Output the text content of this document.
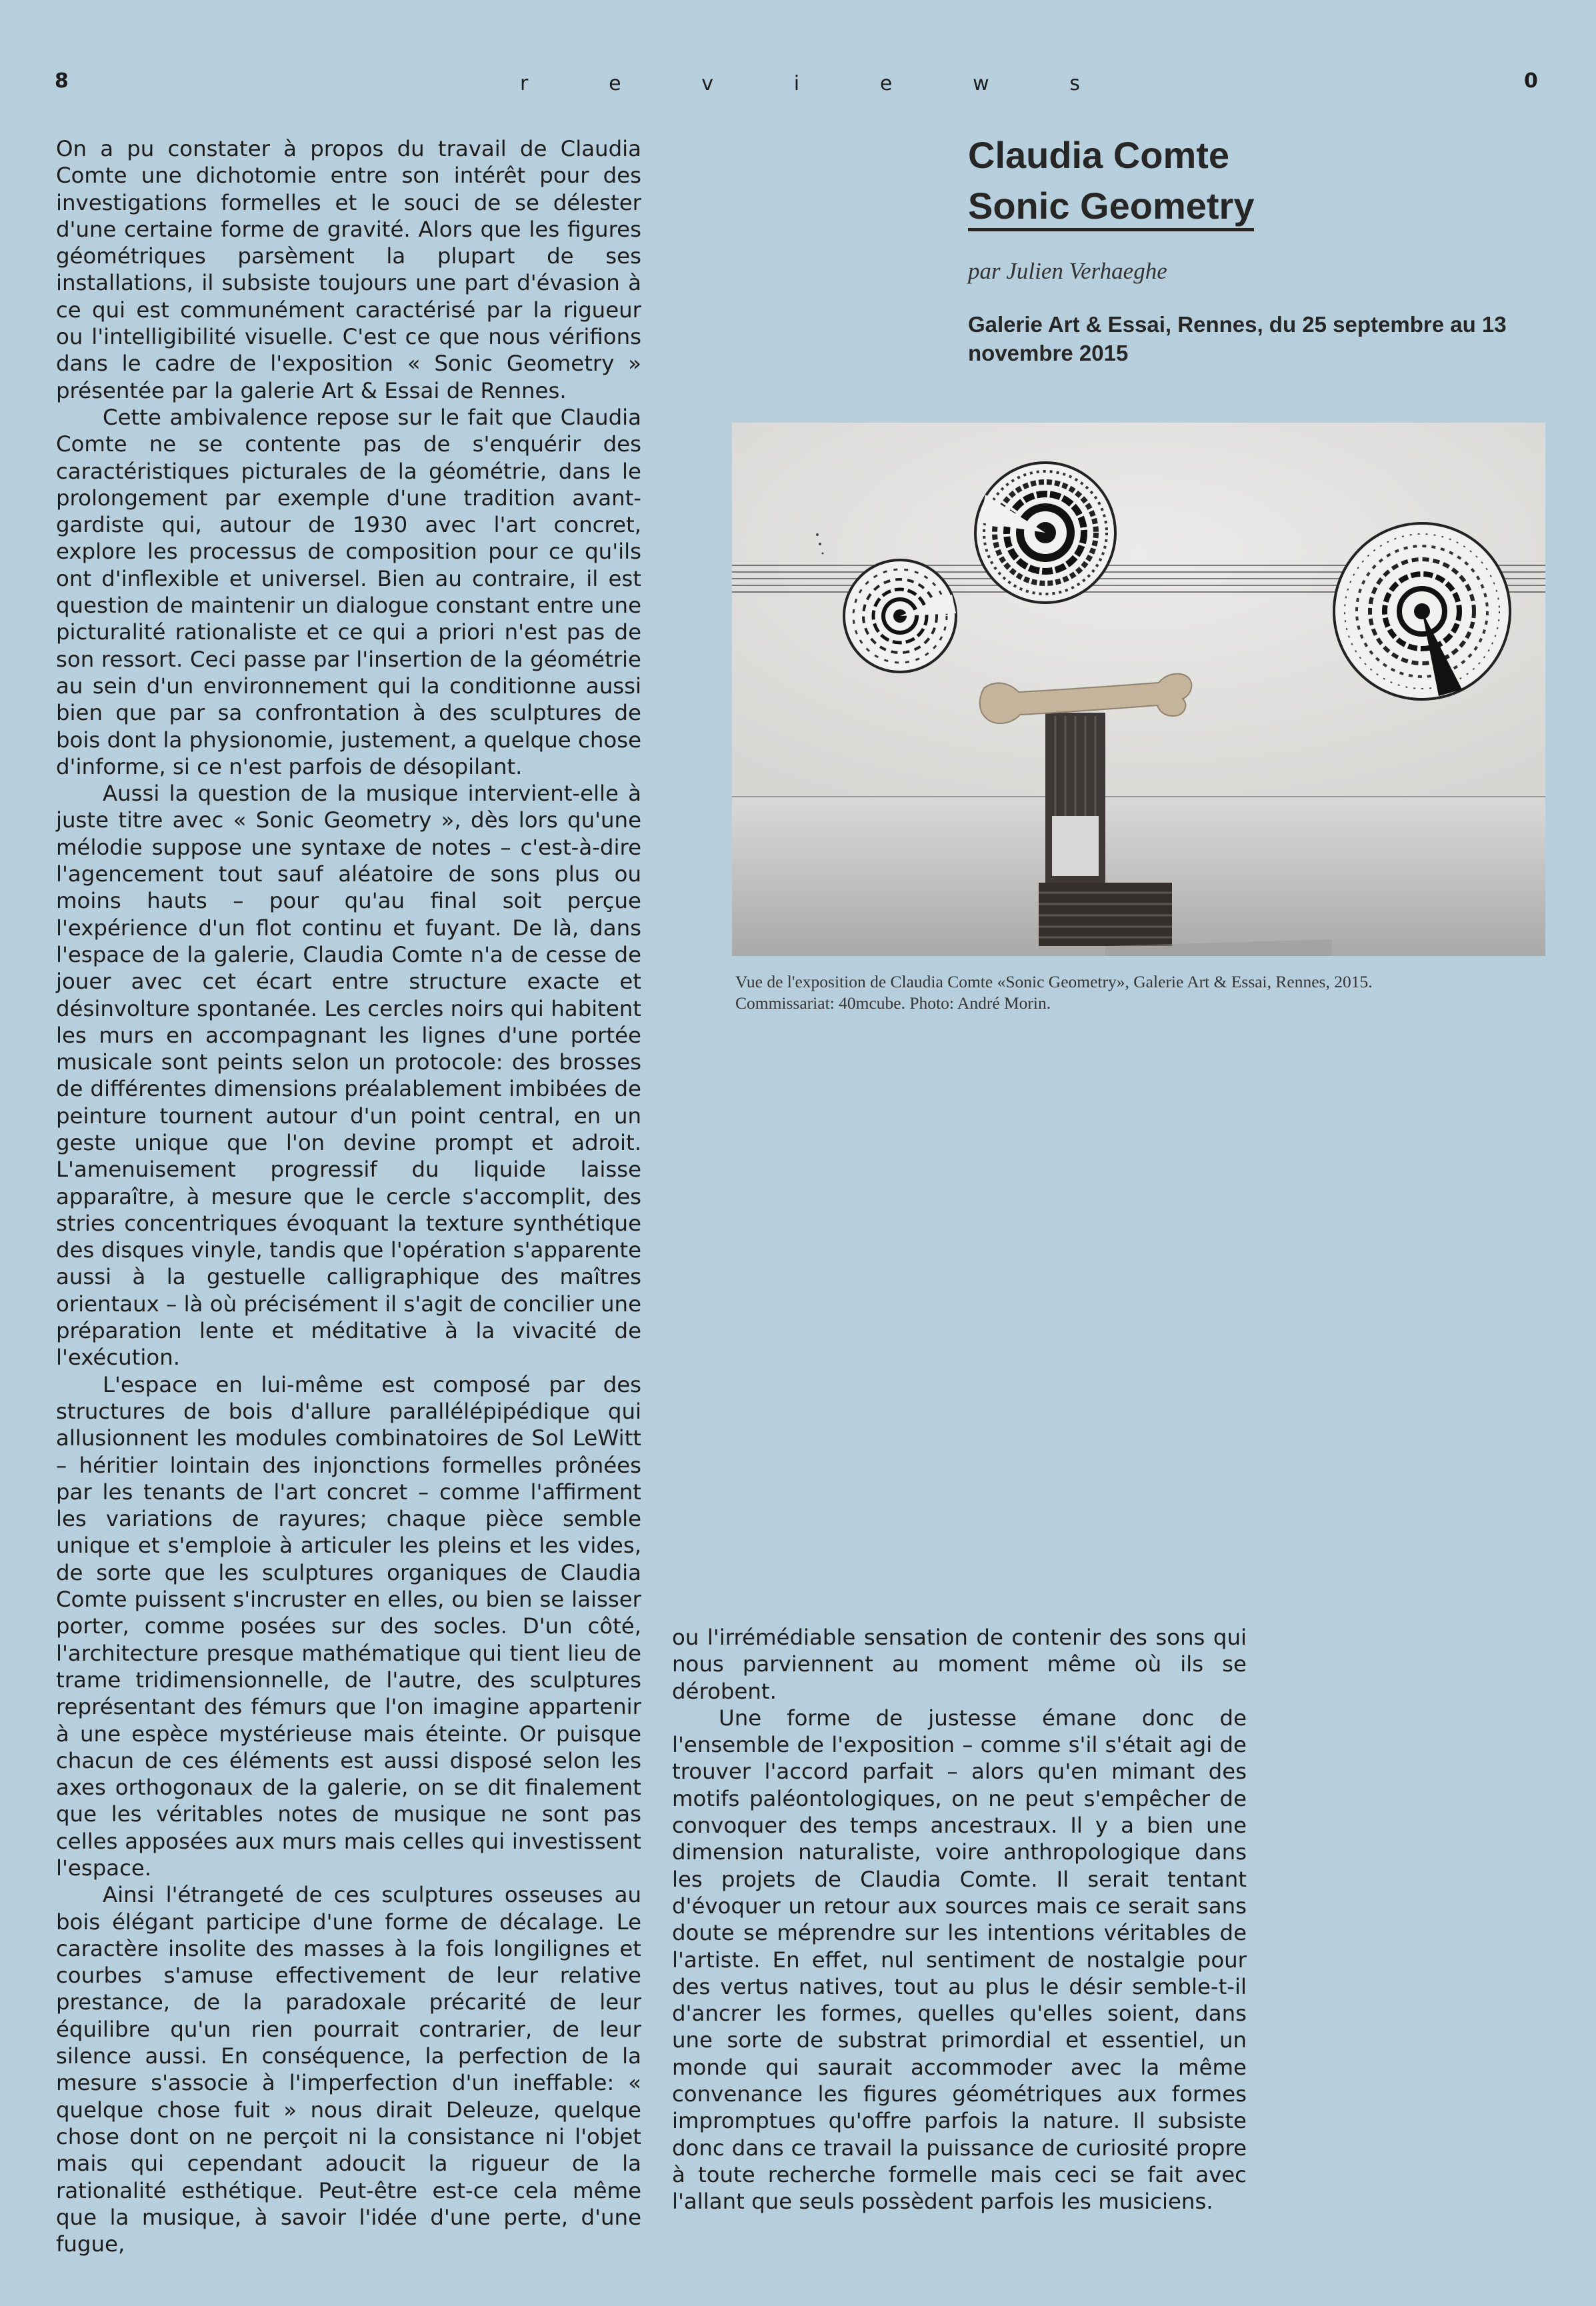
8	r	e	v	i	e	w	s	0

On a pu constater à propos du travail de Claudia Comte une dichotomie entre son intérêt pour des investigations formelles et le souci de se délester d'une certaine forme de gravité. Alors que les figures géométriques parsèment la plupart de ses installations, il subsiste toujours une part d'évasion à ce qui est communément caractérisé par la rigueur ou l'intelligibilité visuelle. C'est ce que nous vérifions dans le cadre de l'exposition « Sonic Geometry » présentée par la galerie Art & Essai de Rennes.

Cette ambivalence repose sur le fait que Claudia Comte ne se contente pas de s'enquérir des caractéristiques picturales de la géométrie, dans le prolongement par exemple d'une tradition avant-gardiste qui, autour de 1930 avec l'art concret, explore les processus de composition pour ce qu'ils ont d'inflexible et universel. Bien au contraire, il est question de maintenir un dialogue constant entre une picturalité rationaliste et ce qui a priori n'est pas de son ressort. Ceci passe par l'insertion de la géométrie au sein d'un environnement qui la conditionne aussi bien que par sa confrontation à des sculptures de bois dont la physionomie, justement, a quelque chose d'informe, si ce n'est parfois de désopilant.

Aussi la question de la musique intervient-elle à juste titre avec « Sonic Geometry », dès lors qu'une mélodie suppose une syntaxe de notes – c'est-à-dire l'agencement tout sauf aléatoire de sons plus ou moins hauts – pour qu'au final soit perçue l'expérience d'un flot continu et fuyant. De là, dans l'espace de la galerie, Claudia Comte n'a de cesse de jouer avec cet écart entre structure exacte et désinvolture spontanée. Les cercles noirs qui habitent les murs en accompagnant les lignes d'une portée musicale sont peints selon un protocole: des brosses de différentes dimensions préalablement imbibées de peinture tournent autour d'un point central, en un geste unique que l'on devine prompt et adroit. L'amenuisement progressif du liquide laisse apparaître, à mesure que le cercle s'accomplit, des stries concentriques évoquant la texture synthétique des disques vinyle, tandis que l'opération s'apparente aussi à la gestuelle calligraphique des maîtres orientaux – là où précisément il s'agit de concilier une préparation lente et méditative à la vivacité de l'exécution.

L'espace en lui-même est composé par des structures de bois d'allure parallélépipédique qui allusionnent les modules combinatoires de Sol LeWitt – héritier lointain des injonctions formelles prônées par les tenants de l'art concret – comme l'affirment les variations de rayures; chaque pièce semble unique et s'emploie à articuler les pleins et les vides, de sorte que les sculptures organiques de Claudia Comte puissent s'incruster en elles, ou bien se laisser porter, comme posées sur des socles. D'un côté, l'architecture presque mathématique qui tient lieu de trame tridimensionnelle, de l'autre, des sculptures représentant des fémurs que l'on imagine appartenir à une espèce mystérieuse mais éteinte. Or puisque chacun de ces éléments est aussi disposé selon les axes orthogonaux de la galerie, on se dit finalement que les véritables notes de musique ne sont pas celles apposées aux murs mais celles qui investissent l'espace.

Ainsi l'étrangeté de ces sculptures osseuses au bois élégant participe d'une forme de décalage. Le caractère insolite des masses à la fois longilignes et courbes s'amuse effectivement de leur relative prestance, de la paradoxale précarité de leur équilibre qu'un rien pourrait contrarier, de leur silence aussi. En conséquence, la perfection de la mesure s'associe à l'imperfection d'un ineffable: « quelque chose fuit » nous dirait Deleuze, quelque chose dont on ne perçoit ni la consistance ni l'objet mais qui cependant adoucit la rigueur de la rationalité esthétique. Peut-être est-ce cela même que la musique, à savoir l'idée d'une perte, d'une fugue,

Claudia Comte
Sonic Geometry
par Julien Verhaeghe
Galerie Art & Essai, Rennes, du 25 septembre au 13 novembre 2015
Vue de l'exposition de Claudia Comte «Sonic Geometry», Galerie Art & Essai, Rennes, 2015.
Commissariat: 40mcube. Photo: André Morin.

ou l'irrémédiable sensation de contenir des sons qui nous parviennent au moment même où ils se dérobent.

Une forme de justesse émane donc de l'ensemble de l'exposition – comme s'il s'était agi de trouver l'accord parfait – alors qu'en mimant des motifs paléontologiques, on ne peut s'empêcher de convoquer des temps ancestraux. Il y a bien une dimension naturaliste, voire anthropologique dans les projets de Claudia Comte. Il serait tentant d'évoquer un retour aux sources mais ce serait sans doute se méprendre sur les intentions véritables de l'artiste. En effet, nul sentiment de nostalgie pour des vertus natives, tout au plus le désir semble-t-il d'ancrer les formes, quelles qu'elles soient, dans une sorte de substrat primordial et essentiel, un monde qui saurait accommoder avec la même convenance les figures géométriques aux formes impromptues qu'offre parfois la nature. Il subsiste donc dans ce travail la puissance de curiosité propre à toute recherche formelle mais ceci se fait avec l'allant que seuls possèdent parfois les musiciens.
